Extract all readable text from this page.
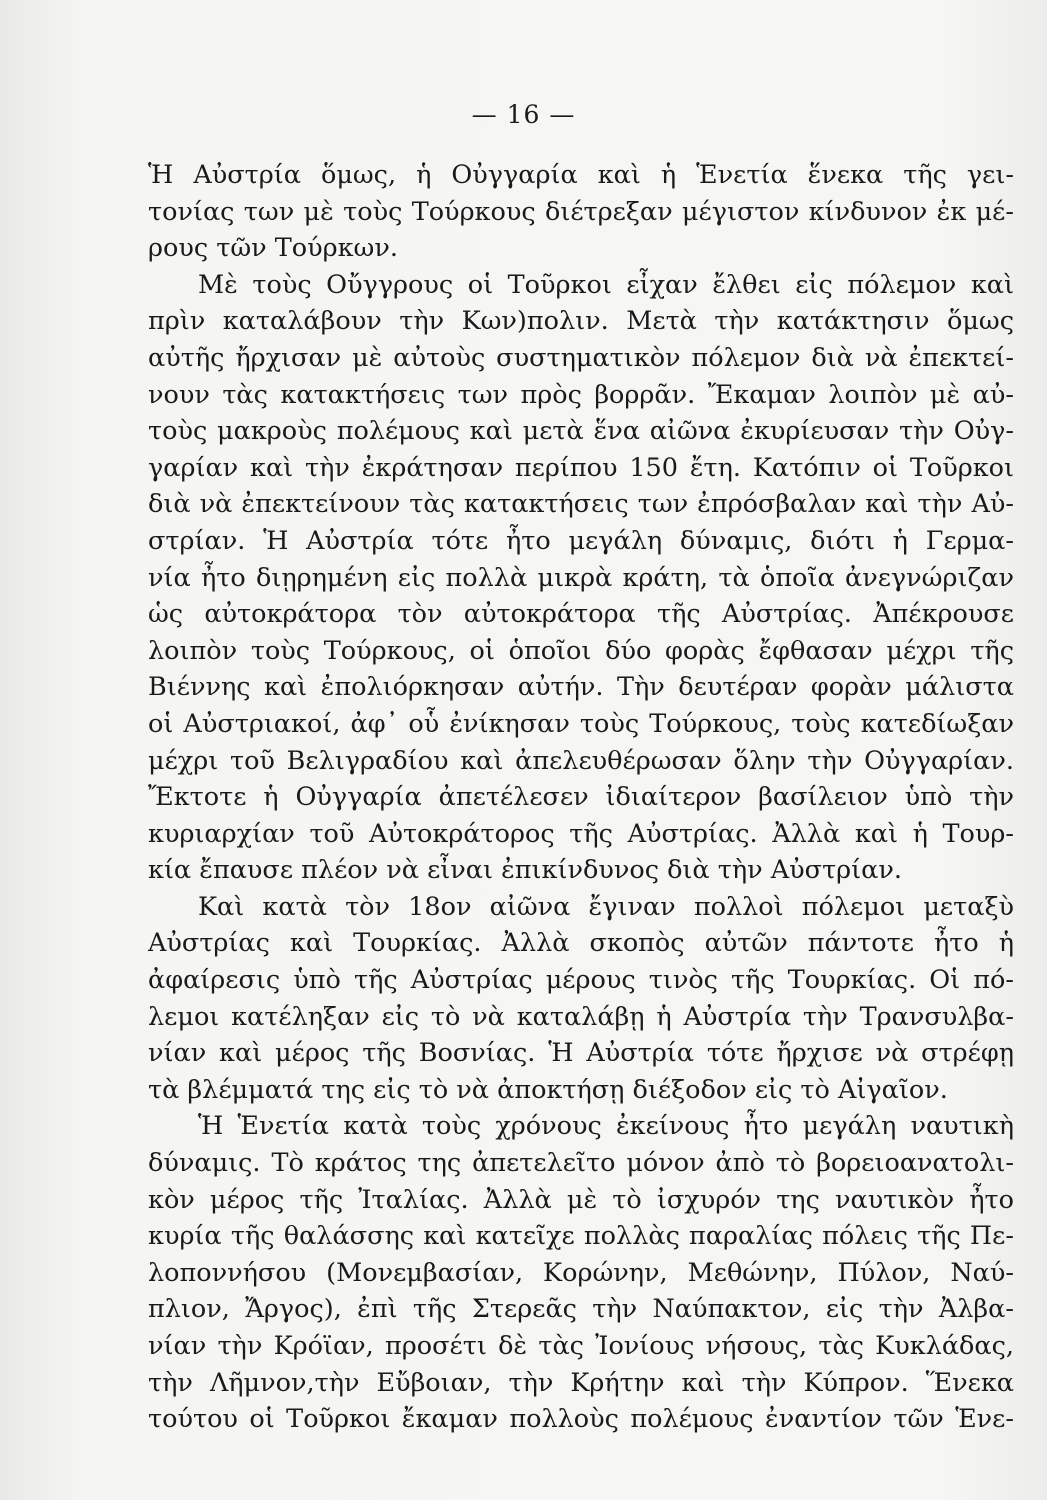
— 16 —
Ἡ Αὐστρία ὅμως, ἡ Οὐγγαρία καὶ ἡ Ἑνετία ἕνεκα τῆς γει-
τονίας των μὲ τοὺς Τούρκους διέτρεξαν μέγιστον κίνδυνον ἐκ μέ-
ρους τῶν Τούρκων.
Μὲ τοὺς Οὔγγρους οἱ Τοῦρκοι εἶχαν ἔλθει εἰς πόλεμον καὶ
πρὶν καταλάβουν τὴν Κων)πολιν. Μετὰ τὴν κατάκτησιν ὅμως
αὐτῆς ἤρχισαν μὲ αὐτοὺς συστηματικὸν πόλεμον διὰ νὰ ἐπεκτεί-
νουν τὰς κατακτήσεις των πρὸς βορρᾶν. Ἔκαμαν λοιπὸν μὲ αὐ-
τοὺς μακροὺς πολέμους καὶ μετὰ ἕνα αἰῶνα ἐκυρίευσαν τὴν Οὐγ-
γαρίαν καὶ τὴν ἐκράτησαν περίπου 150 ἔτη. Κατόπιν οἱ Τοῦρκοι
διὰ νὰ ἐπεκτείνουν τὰς κατακτήσεις των ἐπρόσβαλαν καὶ τὴν Αὐ-
στρίαν. Ἡ Αὐστρία τότε ἦτο μεγάλη δύναμις, διότι ἡ Γερμα-
νία ἦτο διῃρημένη εἰς πολλὰ μικρὰ κράτη, τὰ ὁποῖα ἀνεγνώριζαν
ὡς αὐτοκράτορα τὸν αὐτοκράτορα τῆς Αὐστρίας. Ἀπέκρουσε
λοιπὸν τοὺς Τούρκους, οἱ ὁποῖοι δύο φορὰς ἔφθασαν μέχρι τῆς
Βιέννης καὶ ἐπολιόρκησαν αὐτήν. Τὴν δευτέραν φορὰν μάλιστα
οἱ Αὐστριακοί, ἀφ᾽ οὗ ἐνίκησαν τοὺς Τούρκους, τοὺς κατεδίωξαν
μέχρι τοῦ Βελιγραδίου καὶ ἀπελευθέρωσαν ὅλην τὴν Οὐγγαρίαν.
Ἔκτοτε ἡ Οὐγγαρία ἀπετέλεσεν ἰδιαίτερον βασίλειον ὑπὸ τὴν
κυριαρχίαν τοῦ Αὐτοκράτορος τῆς Αὐστρίας. Ἀλλὰ καὶ ἡ Τουρ-
κία ἔπαυσε πλέον νὰ εἶναι ἐπικίνδυνος διὰ τὴν Αὐστρίαν.
Καὶ κατὰ τὸν 18ον αἰῶνα ἔγιναν πολλοὶ πόλεμοι μεταξὺ
Αὐστρίας καὶ Τουρκίας. Ἀλλὰ σκοπὸς αὐτῶν πάντοτε ἦτο ἡ
ἀφαίρεσις ὑπὸ τῆς Αὐστρίας μέρους τινὸς τῆς Τουρκίας. Οἱ πό-
λεμοι κατέληξαν εἰς τὸ νὰ καταλάβῃ ἡ Αὐστρία τὴν Τρανσυλβα-
νίαν καὶ μέρος τῆς Βοσνίας. Ἡ Αὐστρία τότε ἤρχισε νὰ στρέφῃ
τὰ βλέμματά της εἰς τὸ νὰ ἀποκτήσῃ διέξοδον εἰς τὸ Αἰγαῖον.
Ἡ Ἑνετία κατὰ τοὺς χρόνους ἐκείνους ἦτο μεγάλη ναυτικὴ
δύναμις. Τὸ κράτος της ἀπετελεῖτο μόνον ἀπὸ τὸ βορειοανατολι-
κὸν μέρος τῆς Ἰταλίας. Ἀλλὰ μὲ τὸ ἰσχυρόν της ναυτικὸν ἦτο
κυρία τῆς θαλάσσης καὶ κατεῖχε πολλὰς παραλίας πόλεις τῆς Πε-
λοποννήσου (Μονεμβασίαν, Κορώνην, Μεθώνην, Πύλον, Ναύ-
πλιον, Ἄργος), ἐπὶ τῆς Στερεᾶς τὴν Ναύπακτον, εἰς τὴν Ἀλβα-
νίαν τὴν Κρόϊαν, προσέτι δὲ τὰς Ἰονίους νήσους, τὰς Κυκλάδας,
τὴν Λῆμνον,τὴν Εὔβοιαν, τὴν Κρήτην καὶ τὴν Κύπρον. Ἕνεκα
τούτου οἱ Τοῦρκοι ἔκαμαν πολλοὺς πολέμους ἐναντίον τῶν Ἑνε-
